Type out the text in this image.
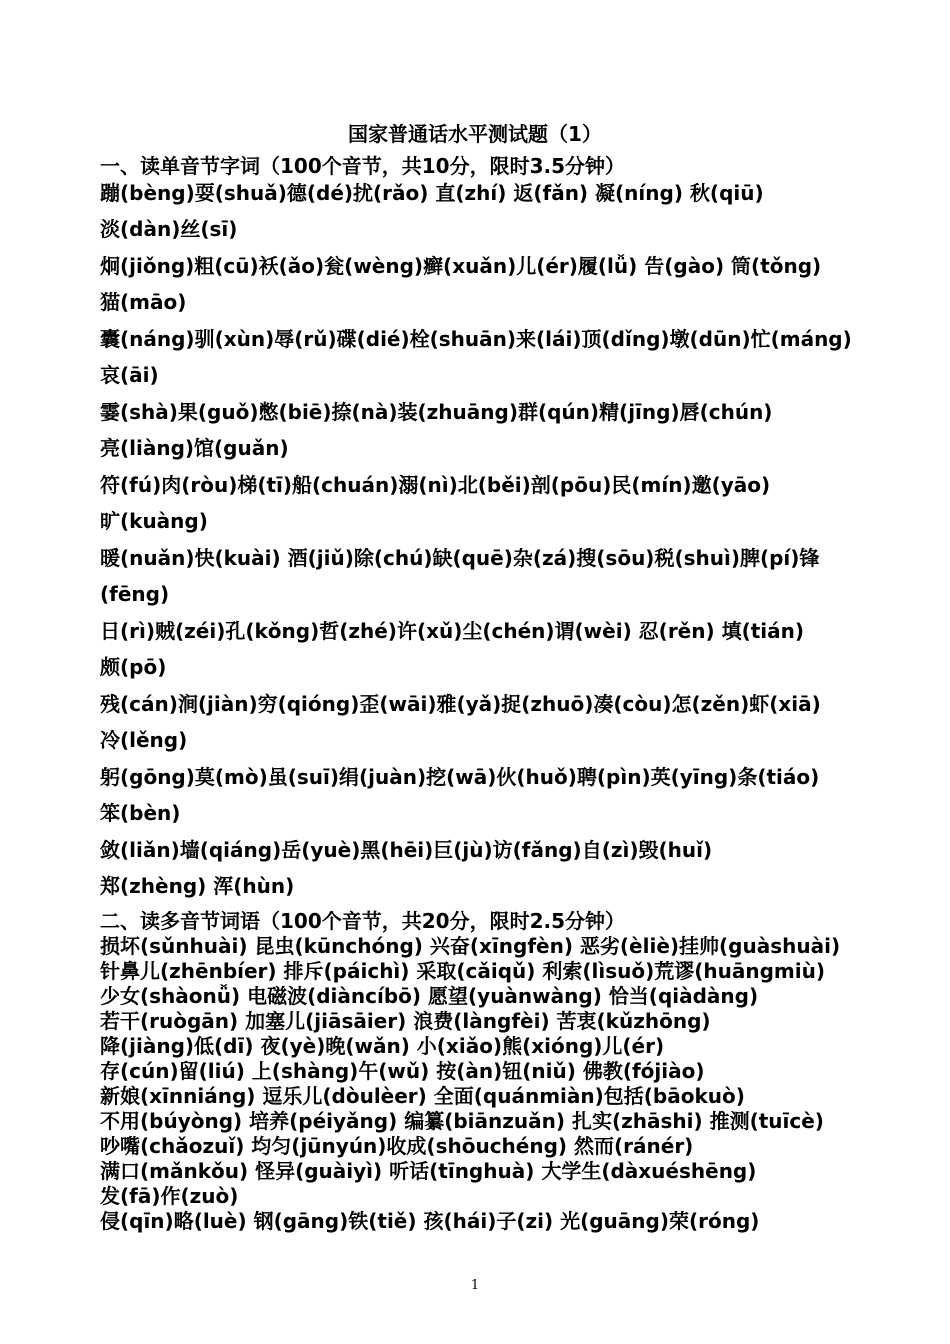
国家普通话水平测试题（1）
一、读单音节字词（100个音节，共10分，限时3.5分钟）
蹦(bèng)耍(shuǎ)德(dé)扰(rǎo) 直(zhí) 返(fǎn) 凝(níng) 秋(qiū)
淡(dàn)丝(sī)
炯(jiǒng)粗(cū)袄(ǎo)瓮(wèng)癣(xuǎn)儿(ér)履(lǚ) 告(gào) 筒(tǒng)
猫(māo)
囊(náng)驯(xùn)辱(rǔ)碟(dié)栓(shuān)来(lái)顶(dǐng)墩(dūn)忙(máng)
哀(āi)
霎(shà)果(guǒ)憋(biē)捺(nà)装(zhuāng)群(qún)精(jīng)唇(chún)
亮(liàng)馆(guǎn)
符(fú)肉(ròu)梯(tī)船(chuán)溺(nì)北(běi)剖(pōu)民(mín)邀(yāo)
旷(kuàng)
暖(nuǎn)快(kuài) 酒(jiǔ)除(chú)缺(quē)杂(zá)搜(sōu)税(shuì)脾(pí)锋
(fēng)
日(rì)贼(zéi)孔(kǒng)哲(zhé)许(xǔ)尘(chén)谓(wèi) 忍(rěn) 填(tián)
颇(pō)
残(cán)涧(jiàn)穷(qióng)歪(wāi)雅(yǎ)捉(zhuō)凑(còu)怎(zěn)虾(xiā)
冷(lěng)
躬(gōng)莫(mò)虽(suī)绢(juàn)挖(wā)伙(huǒ)聘(pìn)英(yīng)条(tiáo)
笨(bèn)
敛(liǎn)墙(qiáng)岳(yuè)黑(hēi)巨(jù)访(fǎng)自(zì)毁(huǐ)
郑(zhèng) 浑(hùn)
二、读多音节词语（100个音节，共20分，限时2.5分钟）
损坏(sǔnhuài) 昆虫(kūnchóng) 兴奋(xīngfèn) 恶劣(èliè)挂帅(guàshuài)
针鼻儿(zhēnbíer) 排斥(páichì) 采取(cǎiqǔ) 利索(lìsuǒ)荒谬(huāngmiù)
少女(shàonǚ) 电磁波(diàncíbō) 愿望(yuànwàng) 恰当(qiàdàng)
若干(ruògān) 加塞儿(jiāsāier) 浪费(làngfèi) 苦衷(kǔzhōng)
降(jiàng)低(dī) 夜(yè)晚(wǎn) 小(xiǎo)熊(xióng)儿(ér)
存(cún)留(liú) 上(shàng)午(wǔ) 按(àn)钮(niǔ) 佛教(fójiào)
新娘(xīnniáng) 逗乐儿(dòulèer) 全面(quánmiàn)包括(bāokuò)
不用(búyòng) 培养(péiyǎng) 编纂(biānzuǎn) 扎实(zhāshi) 推测(tuīcè)
吵嘴(chǎozuǐ) 均匀(jūnyún)收成(shōuchéng) 然而(ránér)
满口(mǎnkǒu) 怪异(guàiyì) 听话(tīnghuà) 大学生(dàxuéshēng)
发(fā)作(zuò)
侵(qīn)略(luè) 钢(gāng)铁(tiě) 孩(hái)子(zi) 光(guāng)荣(róng)
1
